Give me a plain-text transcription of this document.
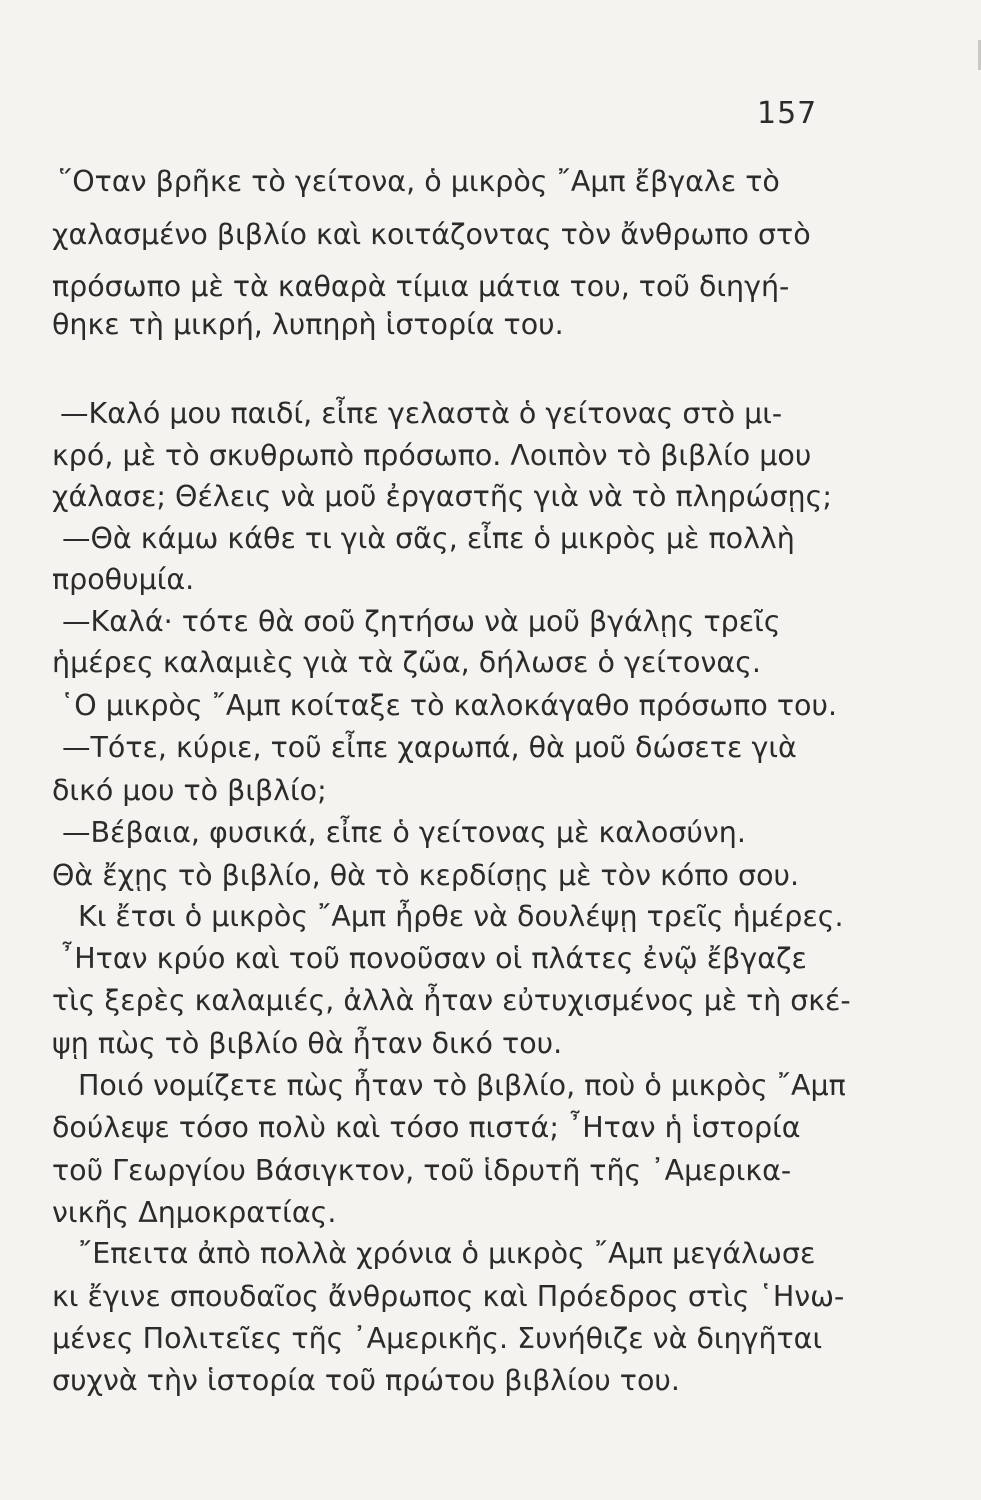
157
῞Οταν βρῆκε τὸ γείτονα, ὁ μικρὸς ῎Αμπ ἔβγαλε τὸ
χαλασμένο βιβλίο καὶ κοιτάζοντας τὸν ἄνθρωπο στὸ
πρόσωπο μὲ τὰ καθαρὰ τίμια μάτια του, τοῦ διηγή-
θηκε τὴ μικρή, λυπηρὴ ἱστορία του.
—Καλό μου παιδί, εἶπε γελαστὰ ὁ γείτονας στὸ μι-
κρό, μὲ τὸ σκυθρωπὸ πρόσωπο. Λοιπὸν τὸ βιβλίο μου
χάλασε; Θέλεις νὰ μοῦ ἐργαστῆς γιὰ νὰ τὸ πληρώσῃς;
—Θὰ κάμω κάθε τι γιὰ σᾶς, εἶπε ὁ μικρὸς μὲ πολλὴ
προθυμία.
—Καλά· τότε θὰ σοῦ ζητήσω νὰ μοῦ βγάλῃς τρεῖς
ἡμέρες καλαμιὲς γιὰ τὰ ζῶα, δήλωσε ὁ γείτονας.
῾Ο μικρὸς ῎Αμπ κοίταξε τὸ καλοκάγαθο πρόσωπο του.
—Τότε, κύριε, τοῦ εἶπε χαρωπά, θὰ μοῦ δώσετε γιὰ
δικό μου τὸ βιβλίο;
—Βέβαια, φυσικά, εἶπε ὁ γείτονας μὲ καλοσύνη.
Θὰ ἔχῃς τὸ βιβλίο, θὰ τὸ κερδίσῃς μὲ τὸν κόπο σου.
Κι ἔτσι ὁ μικρὸς ῎Αμπ ἦρθε νὰ δουλέψῃ τρεῖς ἡμέρες.
῏Ηταν κρύο καὶ τοῦ πονοῦσαν οἱ πλάτες ἐνῷ ἔβγαζε
τὶς ξερὲς καλαμιές, ἀλλὰ ἦταν εὐτυχισμένος μὲ τὴ σκέ-
ψῃ πὼς τὸ βιβλίο θὰ ἦταν δικό του.
Ποιό νομίζετε πὼς ἦταν τὸ βιβλίο, ποὺ ὁ μικρὸς ῎Αμπ
δούλεψε τόσο πολὺ καὶ τόσο πιστά; ῏Ηταν ἡ ἱστορία
τοῦ Γεωργίου Βάσιγκτον, τοῦ ἱδρυτῆ τῆς ᾿Αμερικα-
νικῆς Δημοκρατίας.
῎Επειτα ἀπὸ πολλὰ χρόνια ὁ μικρὸς ῎Αμπ μεγάλωσε
κι ἔγινε σπουδαῖος ἄνθρωπος καὶ Πρόεδρος στὶς ῾Ηνω-
μένες Πολιτεῖες τῆς ᾿Αμερικῆς. Συνήθιζε νὰ διηγῆται
συχνὰ τὴν ἱστορία τοῦ πρώτου βιβλίου του.
